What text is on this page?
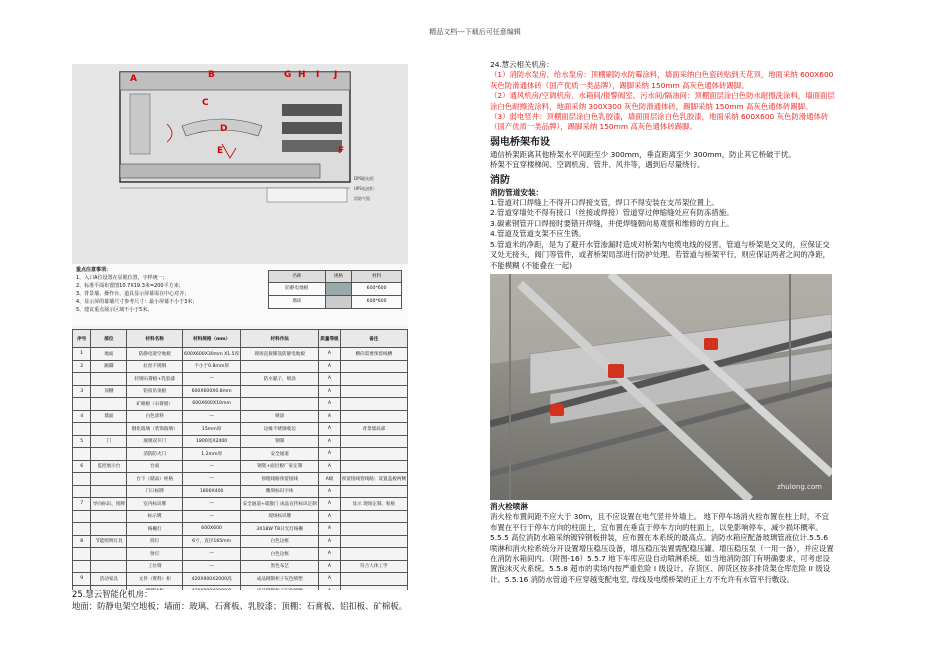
精品文档---下载后可任意编辑
A	B
C
D
E	F
G H I J
DPS配电柜
UPS电池柜
消防气瓶
重点注意事项：
1、入口A位设置在显眼位置，字样统一；
2、标准平面布置图10.7X19.3米=200平方米；
3、背景墙、操作台、道具显示屏幕需在中心对齐；
4、显示屏的幕墙尺寸参考尺寸：最小屏幕不小于3米；
5、建议重点展示区域不小于5米。
名称	规格	材料
防静电地板		600*600
墙砖		600*600
序号	部位	材料名称	材料规格（mm）	材料作法	质量等级	备注
1	地面	防静电架空地板	600X600X30mm X1.5厚	现场直接铺设防静电地板	A	横向需要预留线槽
2	踢脚	拉丝不锈钢	不小于0.8mm厚		A	
		轻钢石膏板+乳胶漆	—	防水腻子，喷涂	A	
3	顶棚	铝扣吊顶板	600X600X0.8mm		A	
		矿棉板（石膏板）	600X600X10mm		A	
4	墙面	白色涂料	—	喷涂	A	
		钢化玻璃（装饰玻璃）	15mm厚	边缘不锈钢收边	A	背景墙局部
5	门	玻璃双开门	1800宽X2400	钢制	A	
		消防防火门	1.2mm厚	安全通道	A	
6	监控展示台	台面	—	钢架+面层板厂家定制	A	
		台下（储品）柜格	—	预埋线路预留接线	A级	预留接线管线路；设置盖板两侧
		门口标牌	1800X400	雕刻标识字体	A	
7	导向标识、铭牌	室内标识牌	—	安全通道+疏散门 成品宣传标识定制	A	显示 现场定制、粘贴
		标示牌	—	现场标识牌	A	
		格栅灯	600X600	3X18W T8日光灯格栅	A	
8	节能照明灯具	筒灯	6寸，直径165mm	白色边框	A	
		射灯	—	白色边框	A	
		工位椅	—	黑色布艺	A	符合人体工学
9	活动家具	文件（资料）柜	420X900X2000高	成品钢制柜子灰色喷塑	A	

25.慧云智能化机房：
地面：防静电架空地板；墙面：玻璃、石膏板、乳胶漆；顶棚：石膏板、铝扣板、矿棉板。

24.慧云相关机房：

（1）消防水泵房、给水泵房：顶棚刷防水防霉涂料，墙面采纳白色瓷砖贴到天花顶，地面采纳 600X600 灰色防滑通体砖（国产优质一类品牌），踢脚采纳 150mm 高灰色通体砖踢脚。

（2）通风机房/空调机房、水箱间/报警阀室、污水间/隔油间：顶棚面层涂白色防水耐擦洗涂料，墙面面层涂白色耐擦洗涂料，地面采纳 300X300 灰色防滑通体砖，踢脚采纳 150mm 高灰色通体砖踢脚。

（3）弱电竖井：顶棚面层涂白色乳胶漆，墙面面层涂白色乳胶漆，地面采纳 600X600 灰色防滑通体砖（国产优质一类品牌），踢脚采纳 150mm 高灰色通体砖踢脚。

弱电桥架布设

通信桥架距离其他桥架水平间距至少 300mm，垂直距离至少 300mm，防止其它桥破干扰。

桥架不宜穿楼梯间、空调机房、管井、风井等，遇到后尽量绕行。

消防

消防管道安装：

1.管道对口焊缝上不得开口焊接支管，焊口不得安装在支吊架位置上。

2.管道穿墙处不得有接口（丝接或焊接）管道穿过伸缩缝处应有防冻措施。

3.碳素钢管开口焊接时要错开焊缝，并使焊缝朝向易观察和维修的方向上。

4.管道及管道支架不应生锈。

5.管道米的净距，是为了避开水管渗漏时造成对桥架内电缆电线的侵害。管道与桥架是交叉的，应保证交叉处无接头，阀门等管件，或者桥架局部进行防护处理。若管道与桥架平行，则应保证两者之间的净距，不能模糊 (不能叠在一起)

zhulong.com

消火栓喷淋

消火栓布置间距不应大于 30m，且不应设置在电气竖井外墙上。 地下停车场消火栓布置在柱上时，不宜布置在平行于停车方向的柱面上，宜布置在垂直于停车方向的柱面上，以免影响停车，减少损坏概率。

5.5.5 高位消防水箱采纳镀锌钢板拼装，应布置在本系统的最高点。消防水箱应配备玻璃管液位计.5.5.6 喷淋和消火栓系统分开设置增压稳压设备，增压稳压装置需配稳压罐、增压稳压泵（一用一备），并应设置在消防水箱间内。（附图-16）5.5.7 地下车库应设自动喷淋系统。如当地消防部门有明确要求，可考虑设置泡沫灭火系统。5.5.8 超市的卖场内按严重危险 I 级设计。存货区、卸货区按多排货架仓库危险 II 级设计。5.5.16 消防水管道不应穿越变配电室, 母线及电缆桥架的正上方不允许有水管平行敷设。
